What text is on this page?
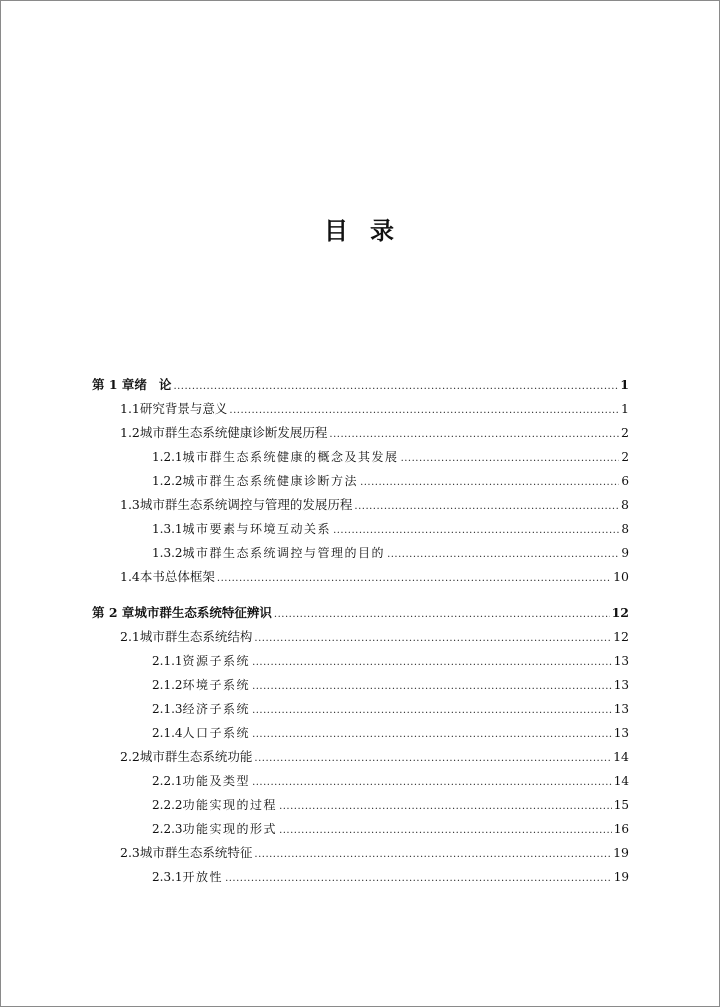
目 录
第 1 章 绪 论 .....	1
1.1 研究背景与意义 .....	1
1.2 城市群生态系统健康诊断发展历程 .....	2
1.2.1 城市群生态系统健康的概念及其发展 .....	2
1.2.2 城市群生态系统健康诊断方法 .....	6
1.3 城市群生态系统调控与管理的发展历程 .....	8
1.3.1 城市要素与环境互动关系 .....	8
1.3.2 城市群生态系统调控与管理的目的 .....	9
1.4 本书总体框架 .....	10
第 2 章 城市群生态系统特征辨识 .....	12
2.1 城市群生态系统结构 .....	12
2.1.1 资源子系统 .....	13
2.1.2 环境子系统 .....	13
2.1.3 经济子系统 .....	13
2.1.4 人口子系统 .....	13
2.2 城市群生态系统功能 .....	14
2.2.1 功能及类型 .....	14
2.2.2 功能实现的过程 .....	15
2.2.3 功能实现的形式 .....	16
2.3 城市群生态系统特征 .....	19
2.3.1 开放性 .....	19
